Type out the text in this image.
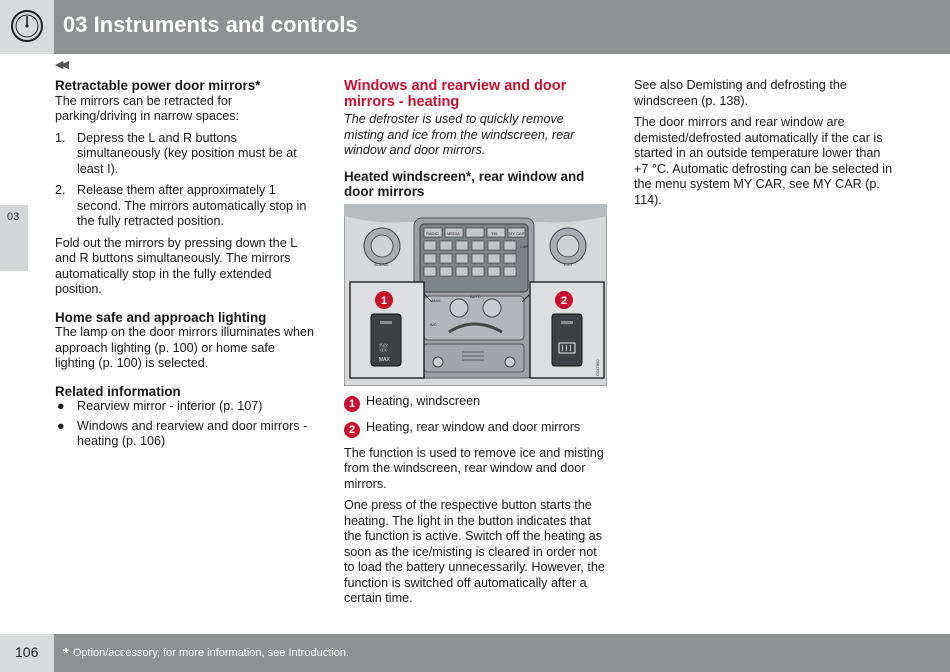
03 Instruments and controls
◀◀
03
Retractable power door mirrors*

The mirrors can be retracted for parking/driving in narrow spaces:

1. Depress the L and R buttons simultaneously (key position must be at least I).
2. Release them after approximately 1 second. The mirrors automatically stop in the fully retracted position.

Fold out the mirrors by pressing down the L and R buttons simultaneously. The mirrors automatically stop in the fully extended position.

Home safe and approach lighting

The lamp on the door mirrors illuminates when approach lighting (p. 100) or home safe lighting (p. 100) is selected.

Related information
● Rearview mirror - interior (p. 107)
● Windows and rearview and door mirrors - heating (p. 106)
Windows and rearview and door mirrors - heating

The defroster is used to quickly remove misting and ice from the windscreen, rear window and door mirrors.

Heated windscreen*, rear window and door mirrors
RADIO MEDIA	TEL	MY CAR
SOUND
CAR
EXIT
AUTO
MAX
A/C
⛆
MAX
1	2
G047860
1 Heating, windscreen
2 Heating, rear window and door mirrors

The function is used to remove ice and misting from the windscreen, rear window and door mirrors.

One press of the respective button starts the heating. The light in the button indicates that the function is active. Switch off the heating as soon as the ice/misting is cleared in order not to load the battery unnecessarily. However, the function is switched off automatically after a certain time.

See also Demisting and defrosting the windscreen (p. 138).

The door mirrors and rear window are demisted/defrosted automatically if the car is started in an outside temperature lower than +7 °C. Automatic defrosting can be selected in the menu system MY CAR, see MY CAR (p. 114).

106 * Option/accessory, for more information, see Introduction.
